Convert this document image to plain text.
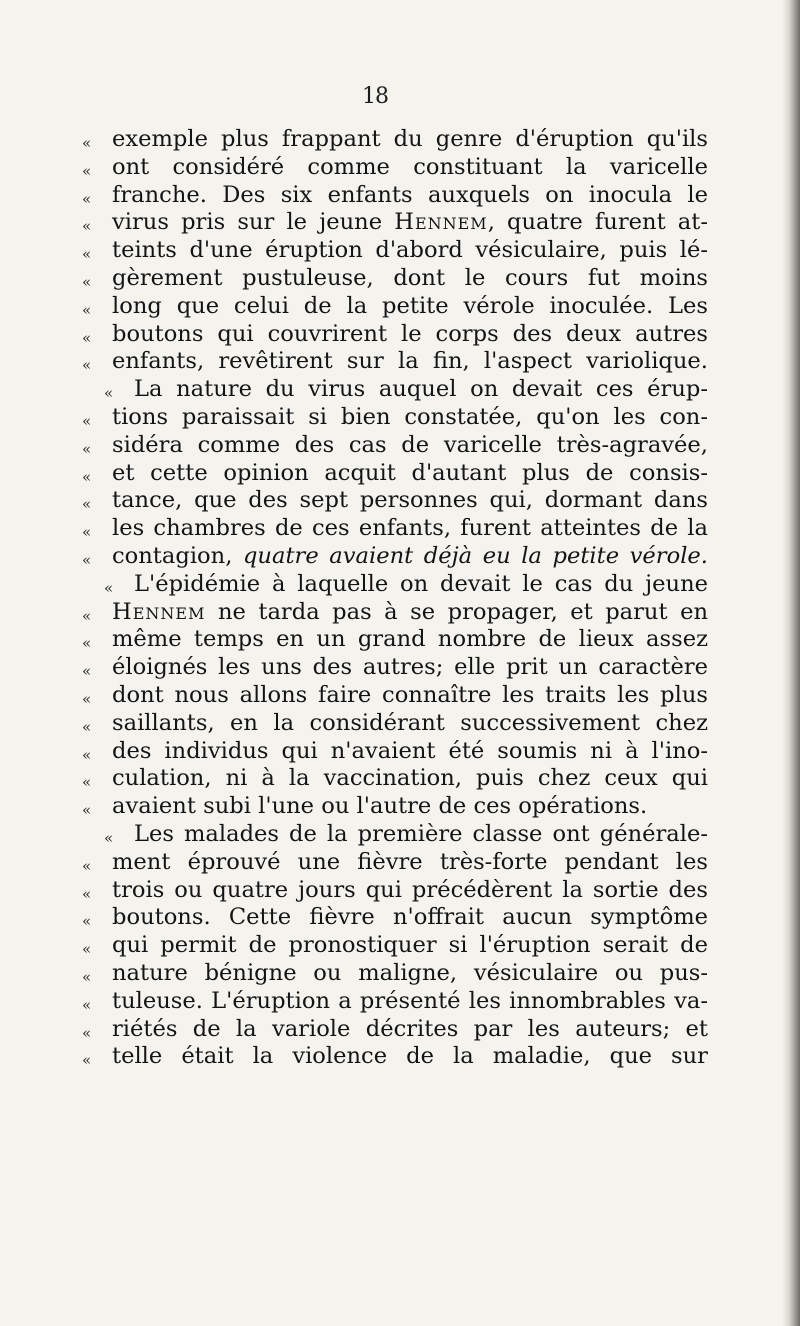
18
« exemple plus frappant du genre d'éruption qu'ils
« ont considéré comme constituant la varicelle
« franche. Des six enfants auxquels on inocula le
« virus pris sur le jeune Hennem, quatre furent at-
« teints d'une éruption d'abord vésiculaire, puis lé-
« gèrement pustuleuse, dont le cours fut moins
« long que celui de la petite vérole inoculée. Les
« boutons qui couvrirent le corps des deux autres
« enfants, revêtirent sur la fin, l'aspect variolique.
« La nature du virus auquel on devait ces érup-
« tions paraissait si bien constatée, qu'on les con-
« sidéra comme des cas de varicelle très-agravée,
« et cette opinion acquit d'autant plus de consis-
« tance, que des sept personnes qui, dormant dans
« les chambres de ces enfants, furent atteintes de la
« contagion, quatre avaient déjà eu la petite vérole.
« L'épidémie à laquelle on devait le cas du jeune
« Hennem ne tarda pas à se propager, et parut en
« même temps en un grand nombre de lieux assez
« éloignés les uns des autres; elle prit un caractère
« dont nous allons faire connaître les traits les plus
« saillants, en la considérant successivement chez
« des individus qui n'avaient été soumis ni à l'ino-
« culation, ni à la vaccination, puis chez ceux qui
« avaient subi l'une ou l'autre de ces opérations.
« Les malades de la première classe ont générale-
« ment éprouvé une fièvre très-forte pendant les
« trois ou quatre jours qui précédèrent la sortie des
« boutons. Cette fièvre n'offrait aucun symptôme
« qui permit de pronostiquer si l'éruption serait de
« nature bénigne ou maligne, vésiculaire ou pus-
« tuleuse. L'éruption a présenté les innombrables va-
« riétés de la variole décrites par les auteurs; et
« telle était la violence de la maladie, que sur
